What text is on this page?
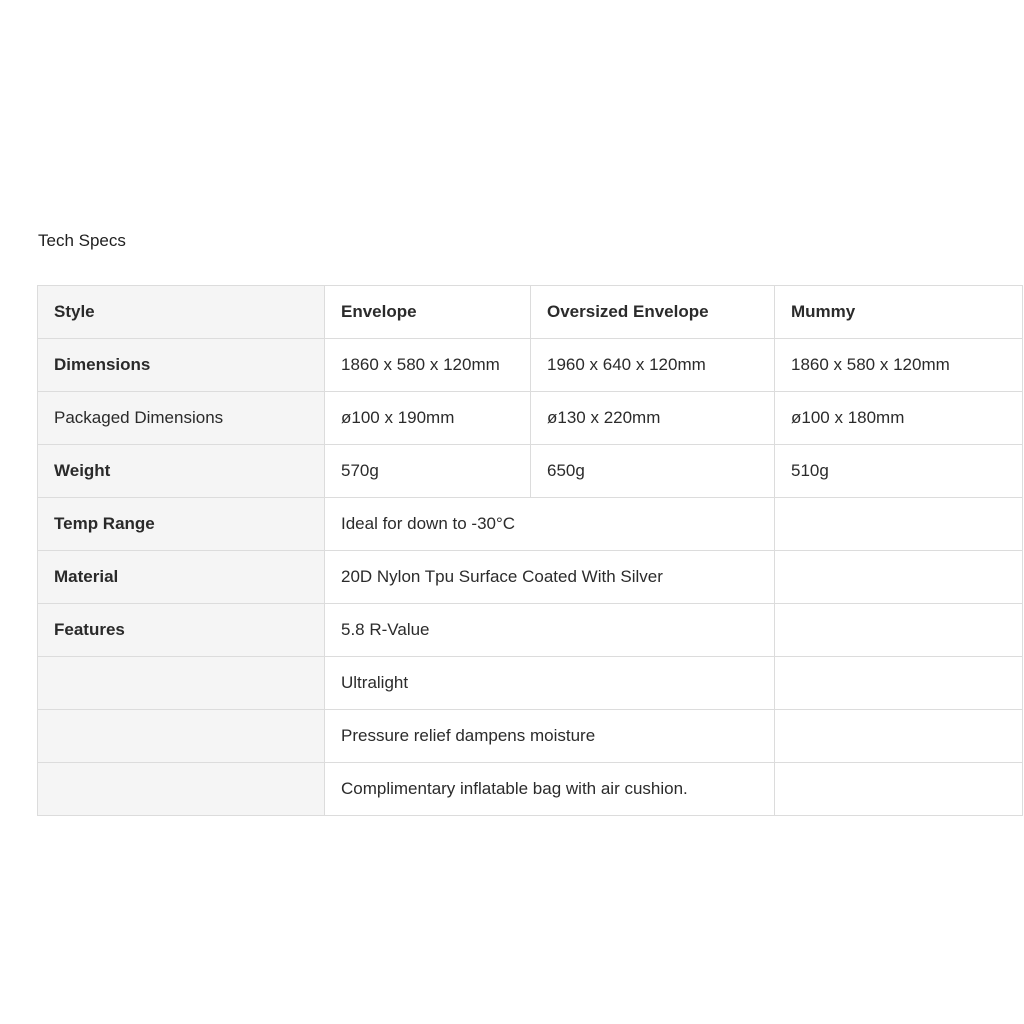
Tech Specs
Style	Envelope	Oversized Envelope	Mummy
Dimensions	1860 x 580 x 120mm	1960 x 640 x 120mm	1860 x 580 x 120mm
Packaged Dimensions	ø100 x 190mm	ø130 x 220mm	ø100 x 180mm
Weight	570g	650g	510g
Temp Range	Ideal for down to -30°C		
Material	20D Nylon Tpu Surface Coated With Silver		
Features	5.8 R-Value		
	Ultralight		
	Pressure relief dampens moisture		
	Complimentary inflatable bag with air cushion.		
